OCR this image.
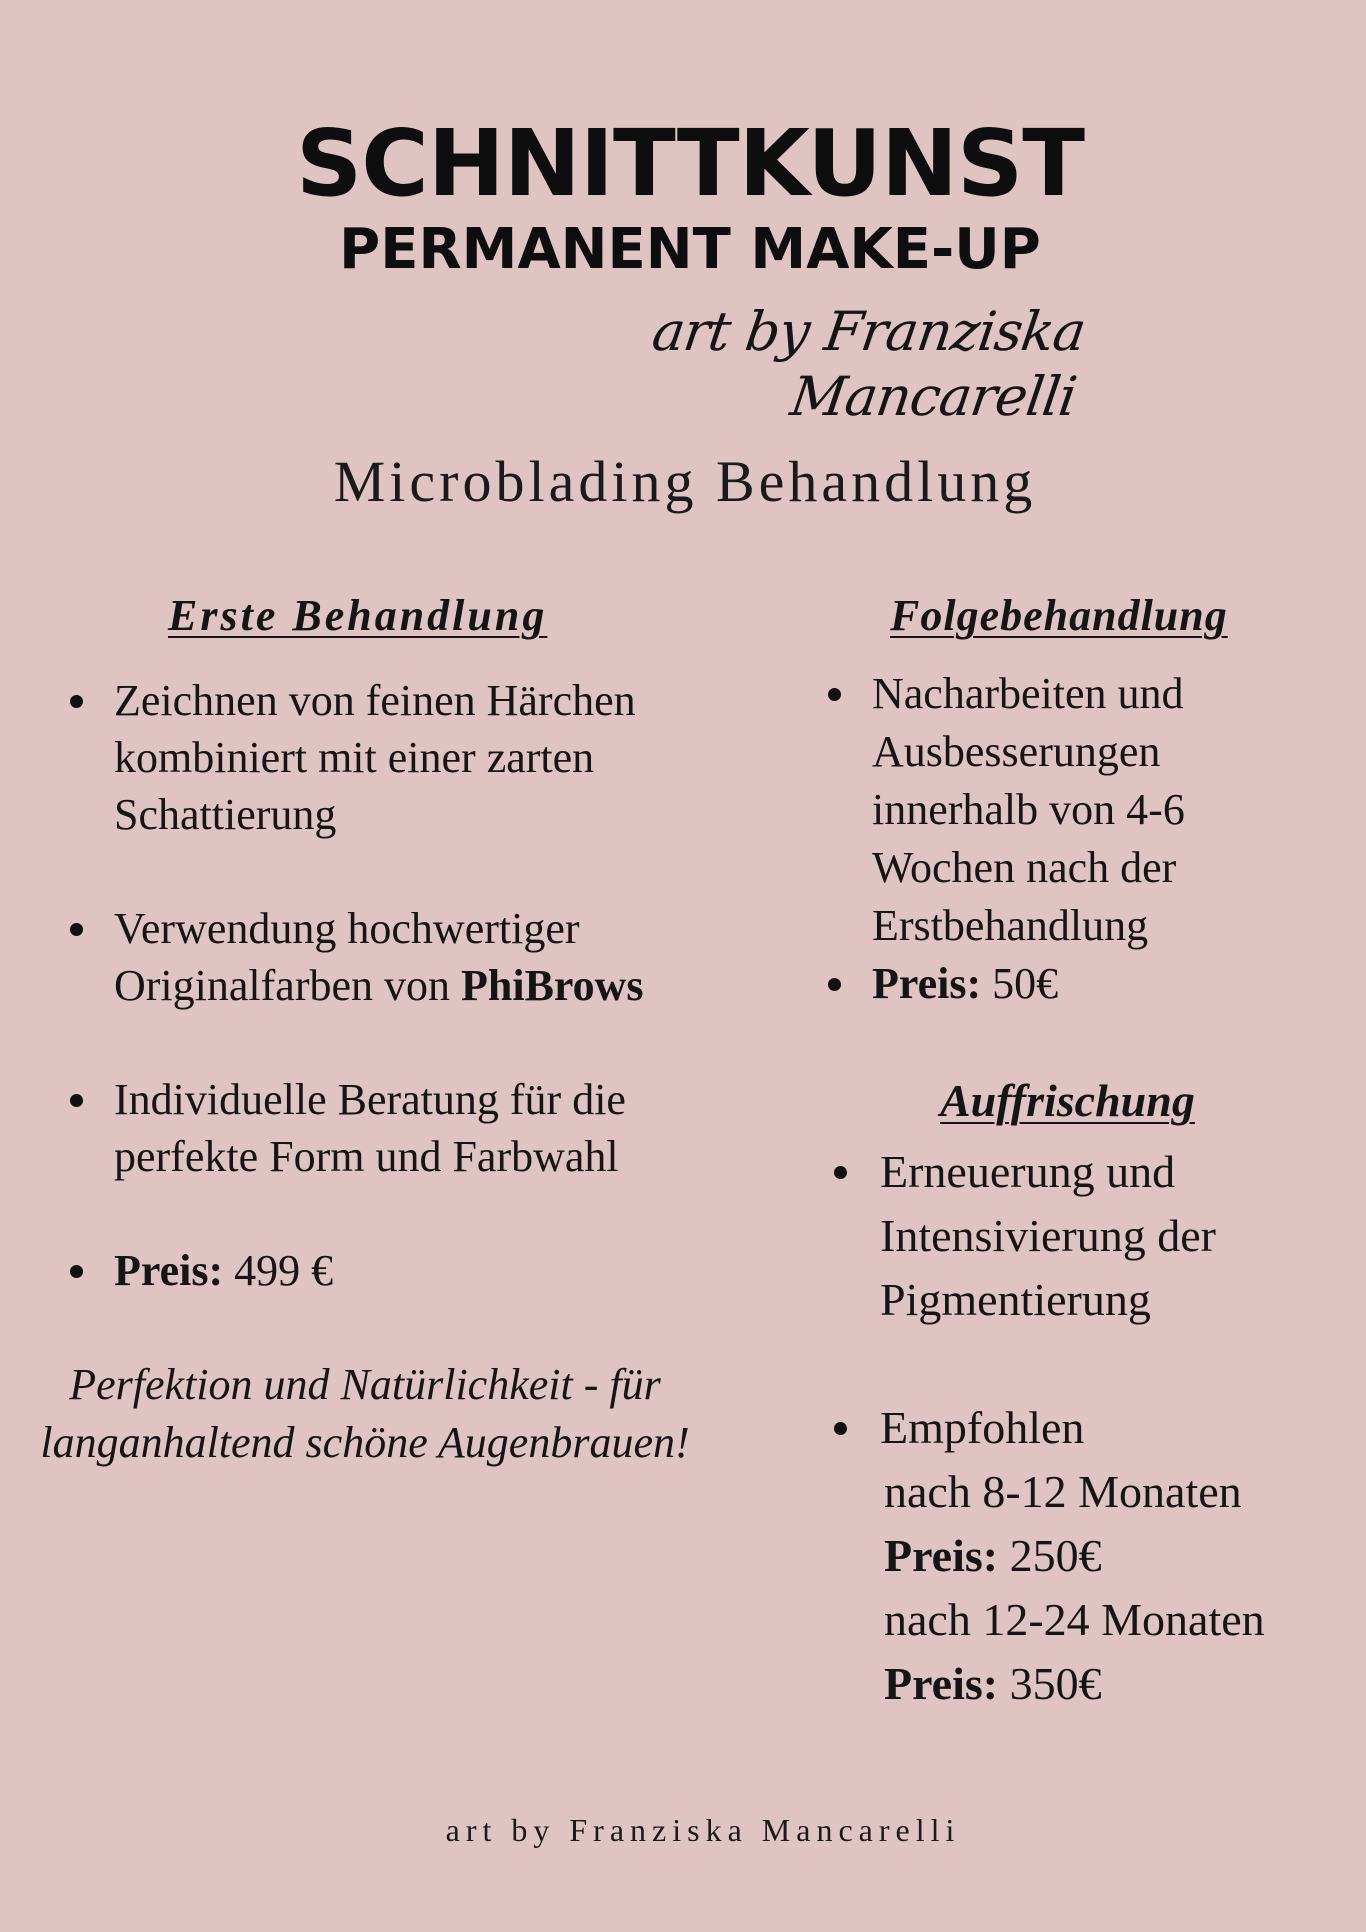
SCHNITTKUNST
PERMANENT MAKE-UP
art by Franziska Mancarelli
Microblading Behandlung
Erste Behandlung
Zeichnen von feinen Härchen kombiniert mit einer zarten Schattierung
Verwendung hochwertiger Originalfarben von PhiBrows
Individuelle Beratung für die perfekte Form und Farbwahl
Preis: 499 €
Perfektion und Natürlichkeit - für langanhaltend schöne Augenbrauen!
Folgebehandlung
Nacharbeiten und Ausbesserungen innerhalb von 4-6 Wochen nach der Erstbehandlung
Preis: 50€
Auffrischung
Erneuerung und Intensivierung der Pigmentierung
Empfohlen
nach 8-12 Monaten
Preis: 250€
nach 12-24 Monaten
Preis: 350€
art by Franziska Mancarelli
